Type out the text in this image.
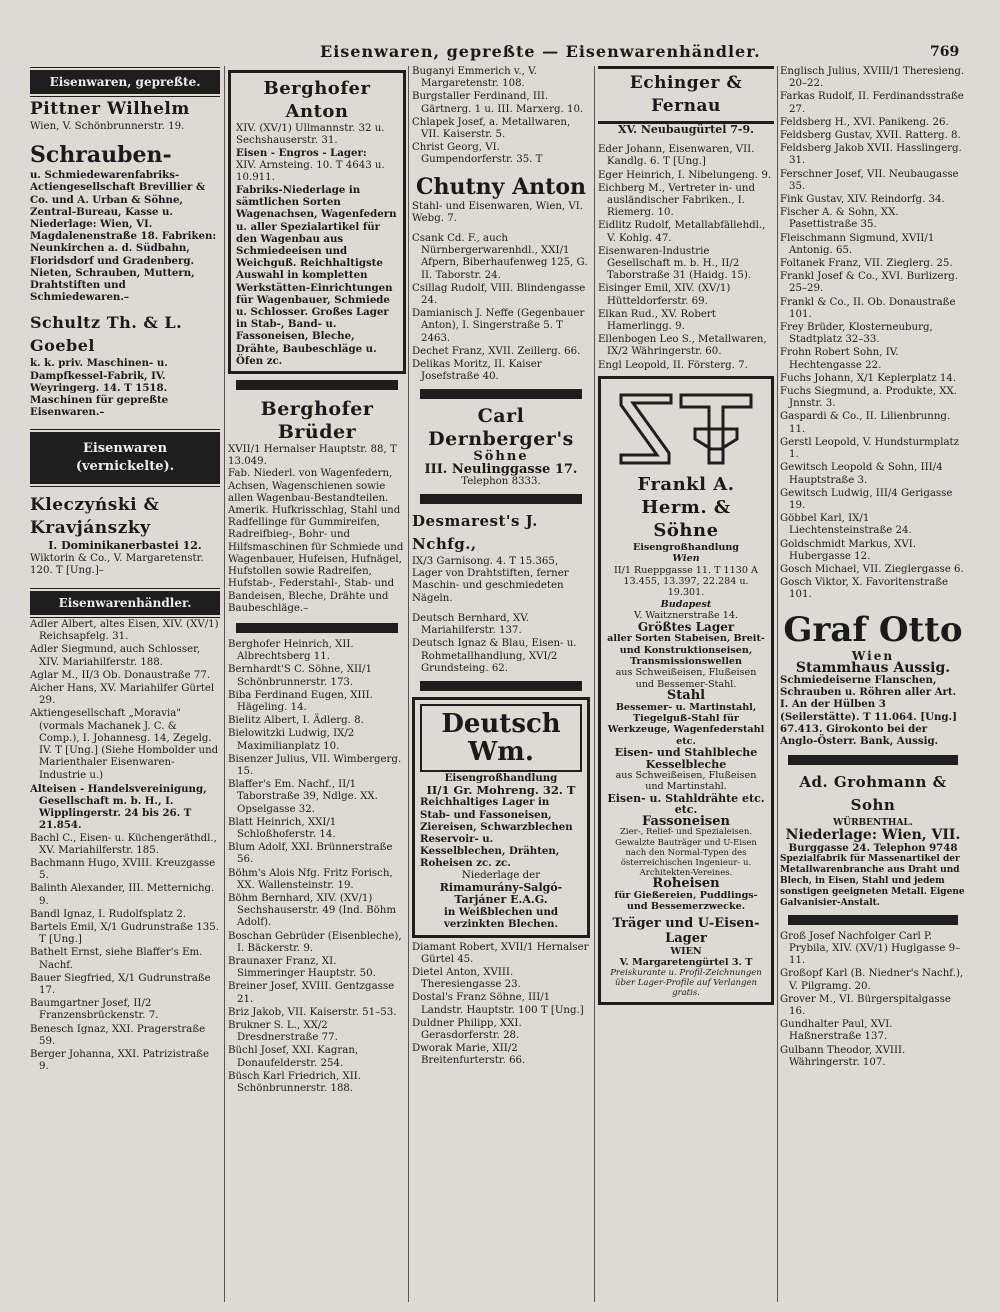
Eisenwaren, gepreßte — Eisenwarenhändler.	769
Eisenwaren, gepreßte.
Pittner Wilhelm
Wien, V. Schönbrunnerstr. 19.
Schrauben-
u. Schmiedewarenfabriks-Actiengesellschaft Brevillier & Co. und A. Urban & Söhne, Zentral-Bureau, Kasse u. Niederlage: Wien, VI. Magdalenenstraße 18. Fabriken: Neunkirchen a. d. Südbahn, Floridsdorf und Gradenberg. Nieten, Schrauben, Muttern, Drahtstiften und Schmiedewaren.–
Schultz Th. & L. Goebel
k. k. priv. Maschinen- u. Dampfkessel-Fabrik, IV. Weyringerg. 14. T 1518. Maschinen für gepreßte Eisenwaren.–
Eisenwaren (vernickelte).
Kleczyński & Kravjánszky
I. Dominikanerbastei 12.
Wiktorin & Co., V. Margaretenstr. 120. T [Ung.]–
Eisenwarenhändler.
Adler Albert, altes Eisen, XIV. (XV/1) Reichsapfelg. 31.
Adler Siegmund, auch Schlosser, XIV. Mariahilferstr. 188.
Aglar M., II/3 Ob. Donaustraße 77.
Aicher Hans, XV. Mariahilfer Gürtel 29.
Aktiengesellschaft „Moravia" (vormals Machanek J. C. & Comp.), I. Johannesg. 14, Zegelg. IV. T [Ung.] (Siehe Hombolder und Marienthaler Eisenwaren-Industrie u.)
Alteisen - Handelsvereinigung, Gesellschaft m. b. H., I. Wipplingerstr. 24 bis 26. T 21.854.
Bachl C., Eisen- u. Küchengeräthdl., XV. Mariahilferstr. 185.
Bachmann Hugo, XVIII. Kreuzgasse 5.
Balinth Alexander, III. Metternichg. 9.
Bandl Ignaz, I. Rudolfsplatz 2.
Bartels Emil, X/1 Gudrunstraße 135. T [Ung.]
Bathelt Ernst, siehe Blaffer's Em. Nachf.
Bauer Siegfried, X/1 Gudrunstraße 17.
Baumgartner Josef, II/2 Franzensbrückenstr. 7.
Benesch Ignaz, XXI. Pragerstraße 59.
Berger Johanna, XXI. Patrizistraße 9.
Berghofer Anton
XIV. (XV/1) Ullmannstr. 32 u. Sechshauserstr. 31.
Eisen - Engros - Lager:
XIV. Arnsteing. 10. T 4643 u. 10.911.
Fabriks-Niederlage in sämtlichen Sorten Wagenachsen, Wagenfedern u. aller Spezialartikel für den Wagenbau aus Schmiedeeisen und Weichguß. Reichhaltigste Auswahl in kompletten Werkstätten-Einrichtungen für Wagenbauer, Schmiede u. Schlosser. Großes Lager in Stab-, Band- u. Fassoneisen, Bleche, Drähte, Baubeschläge u. Öfen zc.
Berghofer Brüder
XVII/1 Hernalser Hauptstr. 88, T 13.049.
Fab. Niederl. von Wagenfedern, Achsen, Wagenschienen sowie allen Wagenbau-Bestandteilen. Amerik. Hufkrisschlag, Stahl und Radfellinge für Gummireifen, Radreifbieg-, Bohr- und Hilfsmaschinen für Schmiede und Wagenbauer, Hufeisen, Hufnägel, Hufstollen sowie Radreifen, Hufstab-, Federstahl-, Stab- und Bandeisen, Bleche, Drähte und Baubeschläge.–
Berghofer Heinrich, XII. Albrechtsberg 11.
Bernhardt'S C. Söhne, XII/1 Schönbrunnerstr. 173.
Biba Ferdinand Eugen, XIII. Hägeling. 14.
Bielitz Albert, I. Ädlerg. 8.
Bielowitzki Ludwig, IX/2 Maximilianplatz 10.
Bisenzer Julius, VII. Wimbergerg. 15.
Blaffer's Em. Nachf., II/1 Taborstraße 39, Ndlge. XX. Opselgasse 32.
Blatt Heinrich, XXI/1 Schloßhoferstr. 14.
Blum Adolf, XXI. Brünnerstraße 56.
Böhm's Alois Nfg. Fritz Forisch, XX. Wallensteinstr. 19.
Böhm Bernhard, XIV. (XV/1) Sechshauserstr. 49 (Ind. Böhm Adolf).
Boschan Gebrüder (Eisenbleche), I. Bäckerstr. 9.
Braunaxer Franz, XI. Simmeringer Hauptstr. 50.
Breiner Josef, XVIII. Gentzgasse 21.
Briz Jakob, VII. Kaiserstr. 51–53.
Brukner S. L., XX/2 Dresdnerstraße 77.
Büchl Josef, XXI. Kagran, Donaufelderstr. 254.
Büsch Karl Friedrich, XII. Schönbrunnerstr. 188.
Buganyi Emmerich v., V. Margaretenstr. 108.
Burgstaller Ferdinand, III. Gärtnerg. 1 u. III. Marxerg. 10.
Chlapek Josef, a. Metallwaren, VII. Kaiserstr. 5.
Christ Georg, VI. Gumpendorferstr. 35. T
Chutny Anton
Stahl- und Eisenwaren, Wien, VI. Webg. 7.
Csank Cd. F., auch Nürnbergerwarenhdl., XXI/1 Afpern, Biberhaufenweg 125, G. II. Taborstr. 24.
Csillag Rudolf, VIII. Blindengasse 24.
Damianisch J. Neffe (Gegenbauer Anton), I. Singerstraße 5. T 2463.
Dechet Franz, XVII. Zeillerg. 66.
Delikas Moritz, II. Kaiser Josefstraße 40.
Carl Dernberger's
Söhne
III. Neulinggasse 17.
Telephon 8333.
Desmarest's J. Nchfg.,
IX/3 Garnisong. 4. T 15.365, Lager von Drahtstiften, ferner Maschin- und geschmiedeten Nägeln.
Deutsch Bernhard, XV. Mariahilferstr. 137.
Deutsch Ignaz & Blau, Eisen- u. Rohmetallhandlung, XVI/2 Grundsteing. 62.
Deutsch Wm.
Eisengroßhandlung
II/1 Gr. Mohreng. 32. T
Reichhaltiges Lager in Stab- und Fassoneisen, Ziereisen, Schwarzblechen Reservoir- u. Kesselblechen, Drähten, Roheisen zc. zc.
Niederlage der
Rimamurány-Salgó-Tarjáner E.A.G.
in Weißblechen und verzinkten Blechen.
Diamant Robert, XVII/1 Hernalser Gürtel 45.
Dietel Anton, XVIII. Theresiengasse 23.
Dostal's Franz Söhne, III/1 Landstr. Hauptstr. 100 T [Ung.]
Duldner Philipp, XXI. Gerasdorferstr. 28.
Dworak Marie, XII/2 Breitenfurterstr. 66.
Echinger & Fernau
XV. Neubaugürtel 7-9.
Eder Johann, Eisenwaren, VII. Kandlg. 6. T [Ung.]
Eger Heinrich, I. Nibelungeng. 9.
Eichberg M., Vertreter in- und ausländischer Fabriken., I. Riemerg. 10.
Eidlitz Rudolf, Metallabfällehdl., V. Kohlg. 47.
Eisenwaren-Industrie Gesellschaft m. b. H., II/2 Taborstraße 31 (Haidg. 15).
Eisinger Emil, XIV. (XV/1) Hütteldorferstr. 69.
Elkan Rud., XV. Robert Hamerlingg. 9.
Ellenbogen Leo S., Metallwaren, IX/2 Währingerstr. 60.
Engl Leopold, II. Försterg. 7.
Frankl A. Herm. & Söhne
Eisengroßhandlung
Wien
II/1 Rueppgasse 11. T 1130 A 13.455, 13.397, 22.284 u. 19.301.
Budapest
V. Waitznerstraße 14.
Größtes Lager
aller Sorten Stabeisen, Breit- und Konstruktionseisen, Transmissionswellen
aus Schweißeisen, Flußeisen und Bessemer-Stahl.
Stahl
Bessemer- u. Martinstahl, Tiegelguß-Stahl für Werkzeuge, Wagenfederstahl etc.
Eisen- und Stahlbleche
Kesselbleche
aus Schweißeisen, Flußeisen und Martinstahl.
Eisen- u. Stahldrähte etc. etc.
Fassoneisen
Zier-, Relief- und Spezialeisen.
Gewalzte Bauträger und U-Eisen nach den Normal-Typen des österreichischen Ingenieur- u. Architekten-Vereines.
Roheisen
für Gießereien, Puddlings- und Bessemerzwecke.
Träger und U-Eisen-Lager
WIEN
V. Margaretengürtel 3. T
Preiskurante u. Profil-Zeichnungen über Lager-Profile auf Verlangen gratis.
Englisch Julius, XVIII/1 Theresieng. 20–22.
Farkas Rudolf, II. Ferdinandsstraße 27.
Feldsberg H., XVI. Panikeng. 26.
Feldsberg Gustav, XVII. Ratterg. 8.
Feldsberg Jakob XVII. Hasslingerg. 31.
Ferschner Josef, VII. Neubaugasse 35.
Fink Gustav, XIV. Reindorfg. 34.
Fischer A. & Sohn, XX. Pasettistraße 35.
Fleischmann Sigmund, XVII/1 Antonig. 65.
Foltanek Franz, VII. Zieglerg. 25.
Frankl Josef & Co., XVI. Burlizerg. 25–29.
Frankl & Co., II. Ob. Donaustraße 101.
Frey Brüder, Klosterneuburg, Stadtplatz 32–33.
Frohn Robert Sohn, IV. Hechtengasse 22.
Fuchs Johann, X/1 Keplerplatz 14.
Fuchs Siegmund, a. Produkte, XX. Jnnstr. 3.
Gaspardi & Co., II. Lilienbrunng. 11.
Gerstl Leopold, V. Hundsturmplatz 1.
Gewitsch Leopold & Sohn, III/4 Hauptstraße 3.
Gewitsch Ludwig, III/4 Gerigasse 19.
Göbbel Karl, IX/1 Liechtensteinstraße 24.
Goldschmidt Markus, XVI. Hubergasse 12.
Gosch Michael, VII. Zieglergasse 6.
Gosch Viktor, X. Favoritenstraße 101.
Graf Otto
Wien
Stammhaus Aussig.
Schmiedeiserne Flanschen, Schrauben u. Röhren aller Art. I. An der Hülben 3 (Seilerstätte). T 11.064. [Ung.] 67.413. Girokonto bei der Anglo-Österr. Bank, Aussig.
Ad. Grohmann & Sohn
WÜRBENTHAL.
Niederlage: Wien, VII.
Burggasse 24. Telephon 9748
Spezialfabrik für Massenartikel der Metallwarenbranche aus Draht und Blech, in Eisen, Stahl und jedem sonstigen geeigneten Metall. Eigene Galvanisier-Anstalt.
Groß Josef Nachfolger Carl P. Prybila, XIV. (XV/1) Huglgasse 9–11.
Großopf Karl (B. Niedner's Nachf.), V. Pilgramg. 20.
Grover M., VI. Bürgerspitalgasse 16.
Gundhalter Paul, XVI. Haßnerstraße 137.
Gulbann Theodor, XVIII. Währingerstr. 107.
